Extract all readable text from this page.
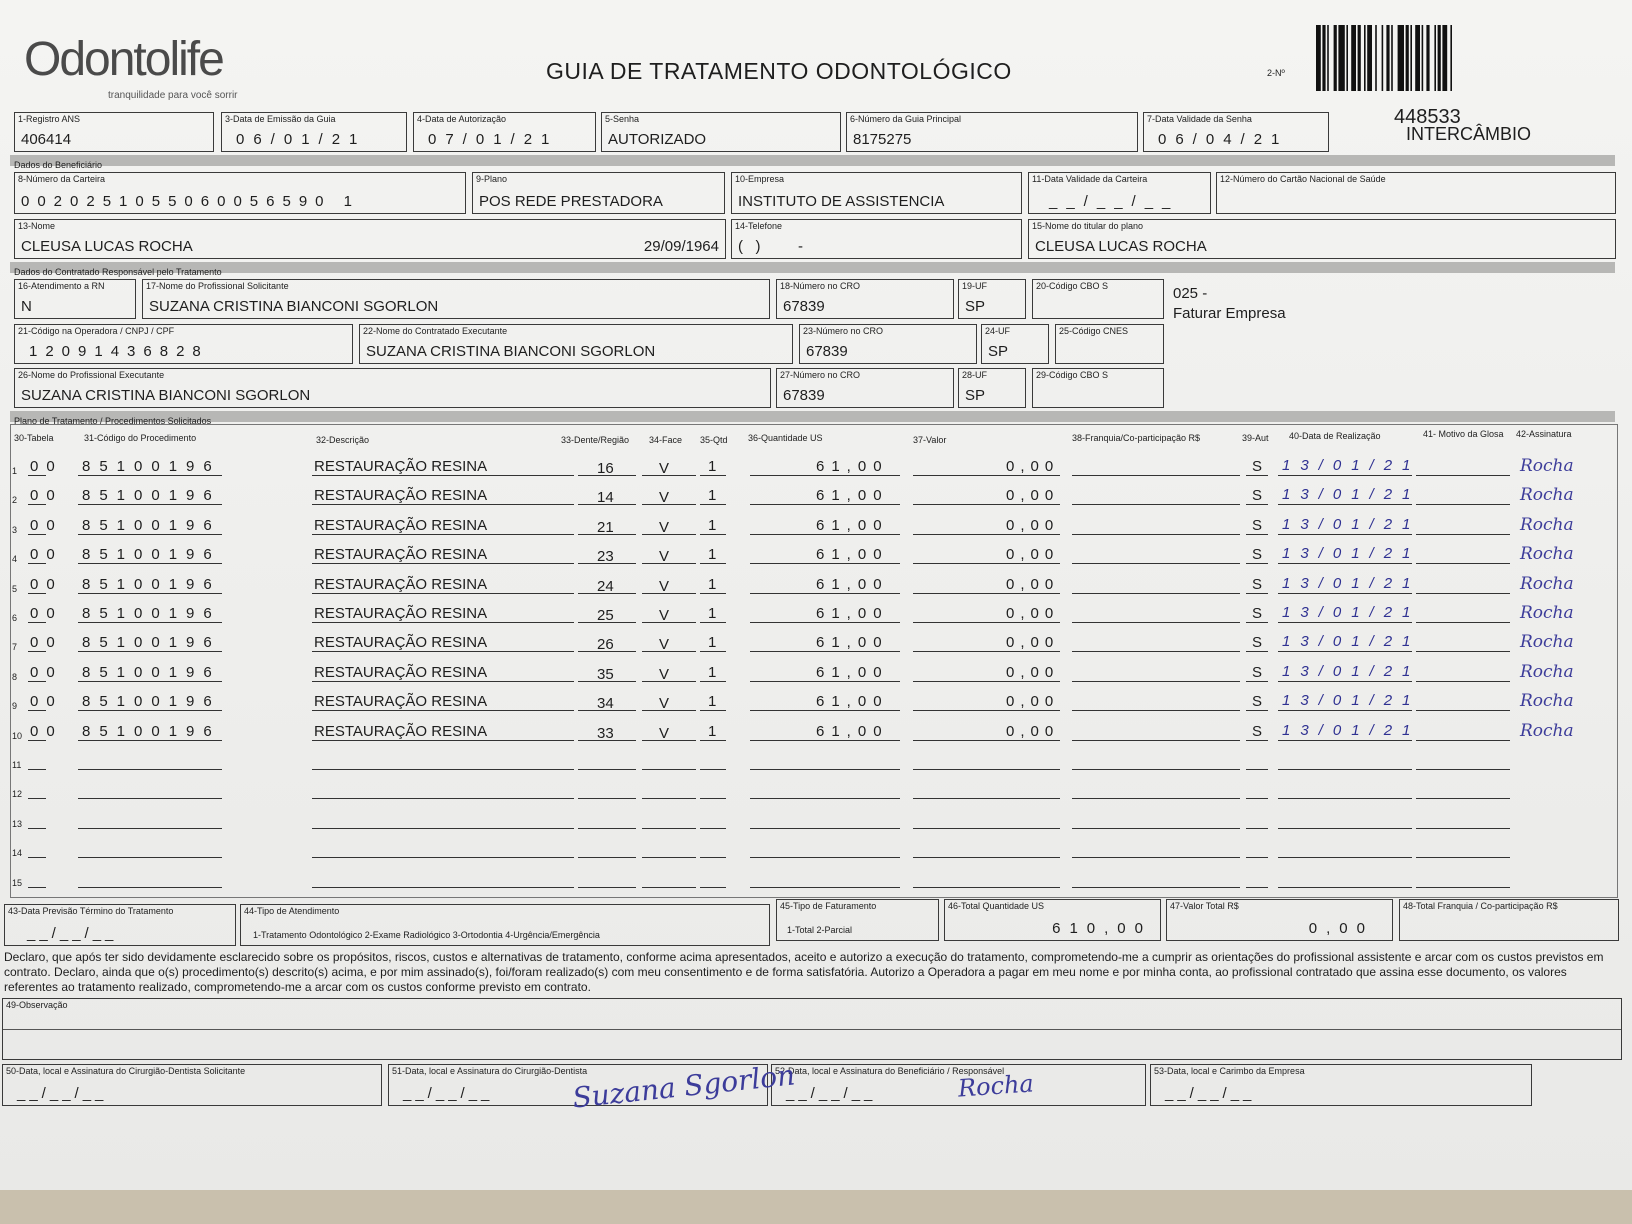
Odontolife
tranquilidade para você sorrir
GUIA DE TRATAMENTO ODONTOLÓGICO	2-Nº
448533
INTERCÂMBIO
1-Registro ANS
406414
3-Data de Emissão da Guia
06/01/21
4-Data de Autorização
07/01/21
5-Senha
AUTORIZADO
6-Número da Guia Principal
8175275
7-Data Validade da Senha
06/04/21
Dados do Beneficiário
8-Número da Carteira
0020251055060056590 1
9-Plano
POS REDE PRESTADORA
10-Empresa
INSTITUTO DE ASSISTENCIA
11-Data Validade da Carteira
__/__/__
12-Número do Cartão Nacional de Saúde
13-Nome
CLEUSA LUCAS ROCHA	29/09/1964
14-Telefone
(   )         -
15-Nome do titular do plano
CLEUSA LUCAS ROCHA
Dados do Contratado Responsável pelo Tratamento
16-Atendimento a RN
N
17-Nome do Profissional Solicitante
SUZANA CRISTINA BIANCONI SGORLON
18-Número no CRO
67839
19-UF
SP
20-Código CBO S	025 -
Faturar Empresa
21-Código na Operadora / CNPJ / CPF
12091436828
22-Nome do Contratado Executante
SUZANA CRISTINA BIANCONI SGORLON
23-Número no CRO
67839
24-UF
SP
25-Código CNES
26-Nome do Profissional Executante
SUZANA CRISTINA BIANCONI SGORLON
27-Número no CRO
67839
28-UF
SP
29-Código CBO S
Plano de Tratamento / Procedimentos Solicitados
30-Tabela	31-Código do Procedimento	32-Descrição	33-Dente/Região 34-Face 35-Qtd 36-Quantidade US	37-Valor	38-Franquia/Co-participação R$	39-Aut 40-Data de Realização	41- Motivo da Glosa 42-Assinatura
1 00 85100196	RESTAURAÇÃO RESINA	16	V	1	61,00	0,00	S 13/01/21	Rocha
2 00 85100196	RESTAURAÇÃO RESINA	14	V	1	61,00	0,00	S 13/01/21	Rocha
3 00 85100196	RESTAURAÇÃO RESINA	21	V	1	61,00	0,00	S 13/01/21	Rocha
4 00 85100196	RESTAURAÇÃO RESINA	23	V	1	61,00	0,00	S 13/01/21	Rocha
5 00 85100196	RESTAURAÇÃO RESINA	24	V	1	61,00	0,00	S 13/01/21	Rocha
6 00 85100196	RESTAURAÇÃO RESINA	25	V	1	61,00	0,00	S 13/01/21	Rocha
7 00 85100196	RESTAURAÇÃO RESINA	26	V	1	61,00	0,00	S 13/01/21	Rocha
8 00 85100196	RESTAURAÇÃO RESINA	35	V	1	61,00	0,00	S 13/01/21	Rocha
9 00 85100196	RESTAURAÇÃO RESINA	34	V	1	61,00	0,00	S 13/01/21	Rocha
10 00 85100196	RESTAURAÇÃO RESINA	33	V	1	61,00	0,00	S 13/01/21	Rocha
11
12
13
14
15
43-Data Previsão Término do Tratamento
__/__/__
44-Tipo de Atendimento
1-Tratamento Odontológico 2-Exame Radiológico 3-Ortodontia 4-Urgência/Emergência
45-Tipo de Faturamento
1-Total 2-Parcial
46-Total Quantidade US
610,00
47-Valor Total R$
0,00
48-Total Franquia / Co-participação R$
Declaro, que após ter sido devidamente esclarecido sobre os propósitos, riscos, custos e alternativas de tratamento, conforme acima apresentados, aceito e autorizo a execução do tratamento, comprometendo-me a cumprir as orientações do profissional assistente e arcar com os custos previstos em contrato. Declaro, ainda que o(s) procedimento(s) descrito(s) acima, e por mim assinado(s), foi/foram realizado(s) com meu consentimento e de forma satisfatória. Autorizo a Operadora a pagar em meu nome e por minha conta, ao profissional contratado que assina esse documento, os valores referentes ao tratamento realizado, comprometendo-me a arcar com os custos conforme previsto em contrato.
49-Observação
50-Data, local e Assinatura do Cirurgião-Dentista Solicitante
__/__/__
51-Data, local e Assinatura do Cirurgião-Dentista
__/__/__
52-Data, local e Assinatura do Beneficiário / Responsável
__/__/__
53-Data, local e Carimbo da Empresa
__/__/__
Suzana Sgorlon	Rocha
